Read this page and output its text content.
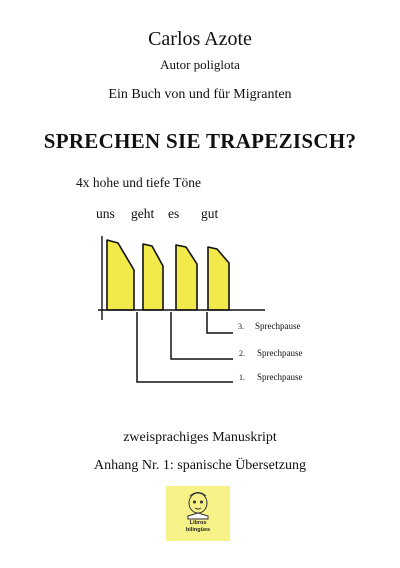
Carlos Azote
Autor poliglota
Ein Buch von und für Migranten
SPRECHEN SIE TRAPEZISCH?
4x hohe und tiefe Töne
uns geht es gut
3. Sprechpause
2. Sprechpause
1. Sprechpause
zweisprachiges Manuskript
Anhang Nr. 1: spanische Übersetzung
Libros
bilingües
